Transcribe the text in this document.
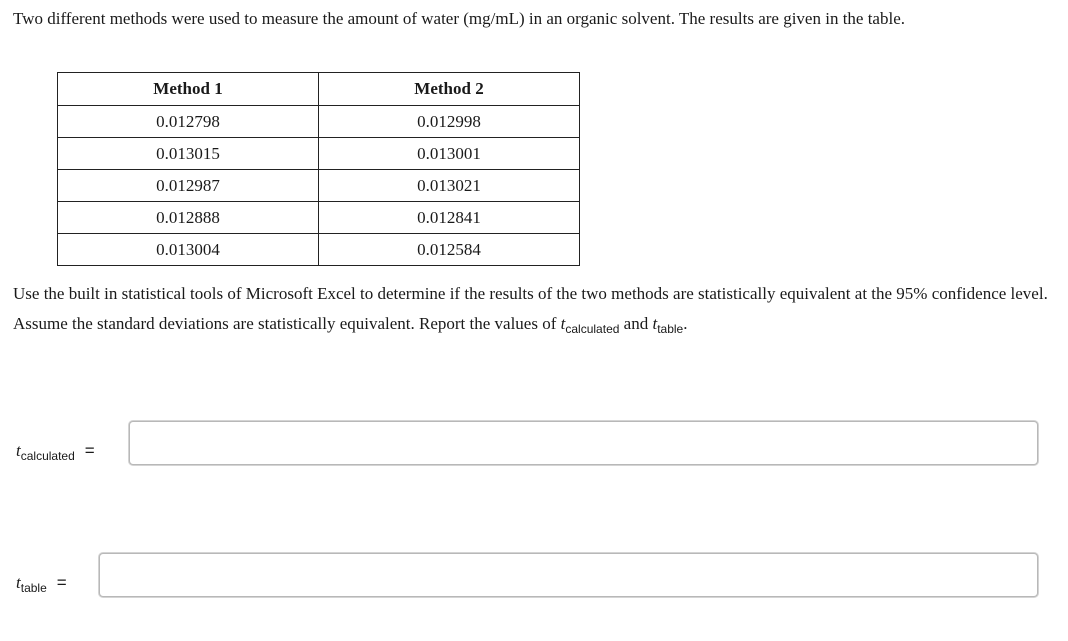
Two different methods were used to measure the amount of water (mg/mL) in an organic solvent. The results are given in the table.
Method 1	Method 2
0.012798	0.012998
0.013015	0.013001
0.012987	0.013021
0.012888	0.012841
0.013004	0.012584
Use the built in statistical tools of Microsoft Excel to determine if the results of the two methods are statistically equivalent at the 95% confidence level. Assume the standard deviations are statistically equivalent. Report the values of $t_{calculated}$ and $t_{table}$.
$t_{calculated}$ =
$t_{table}$ =
